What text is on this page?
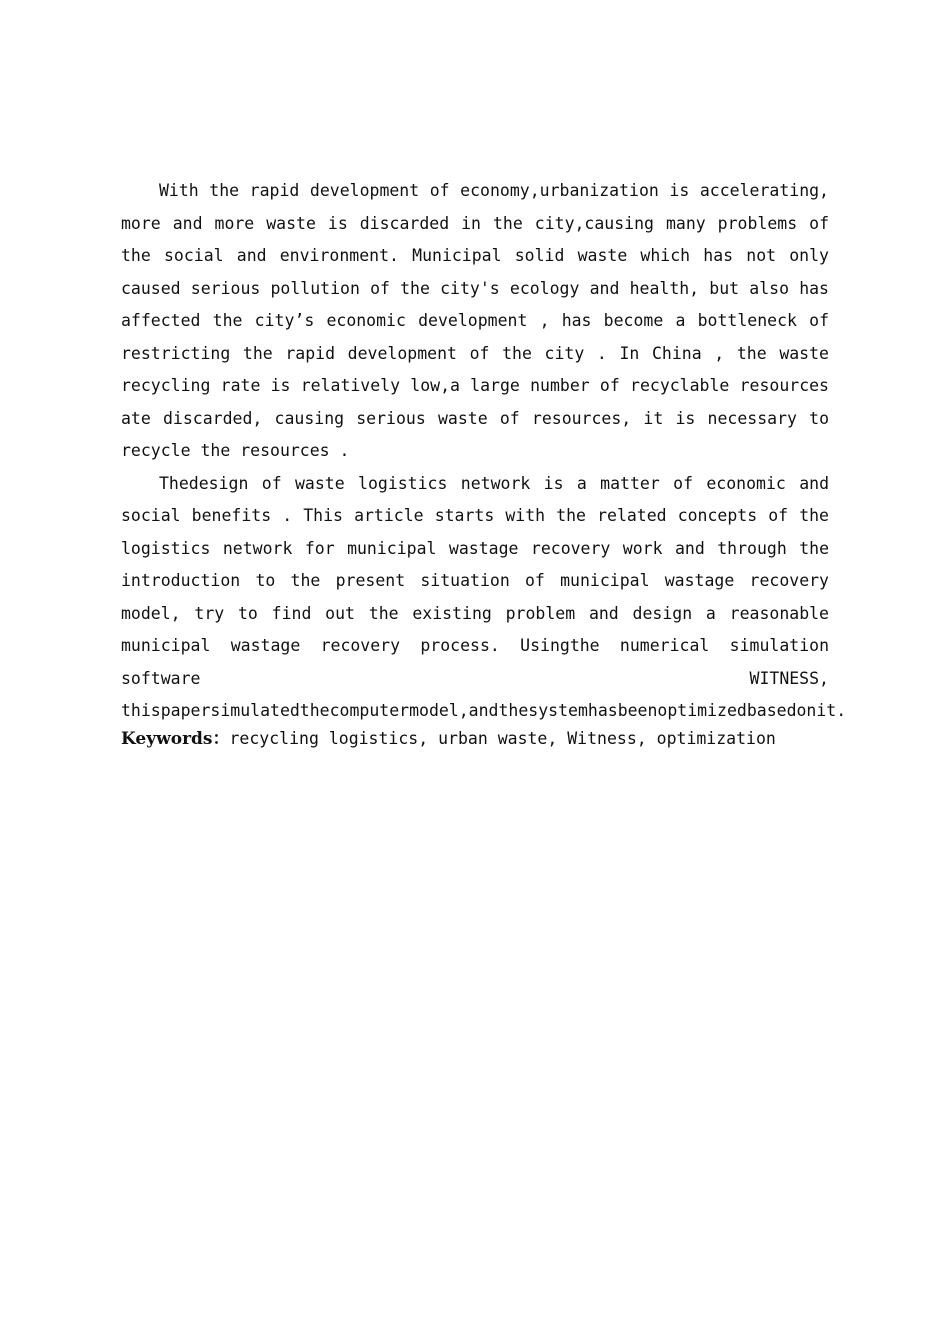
With the rapid development of economy,urbanization is accelerating, more and more waste is discarded in the city,causing many problems of the social and environment. Municipal solid waste which has not only caused serious pollution of the city's ecology and health, but also has affected the city’s economic development , has become a bottleneck of restricting the rapid development of the city . In China , the waste recycling rate is relatively low,a large number of recyclable resources ate discarded, causing serious waste of resources, it is necessary to recycle the resources .

Thedesign of waste logistics network is a matter of economic and social benefits . This article starts with the related concepts of the logistics network for municipal wastage recovery work and through the introduction to the present situation of municipal wastage recovery model, try to find out the existing problem and design a reasonable municipal wastage recovery process. Usingthe numerical simulation software WITNESS, thispapersimulatedthecomputermodel,andthesystemhasbeenoptimizedbasedonit.

Keywords：recycling logistics, urban waste, Witness, optimization
